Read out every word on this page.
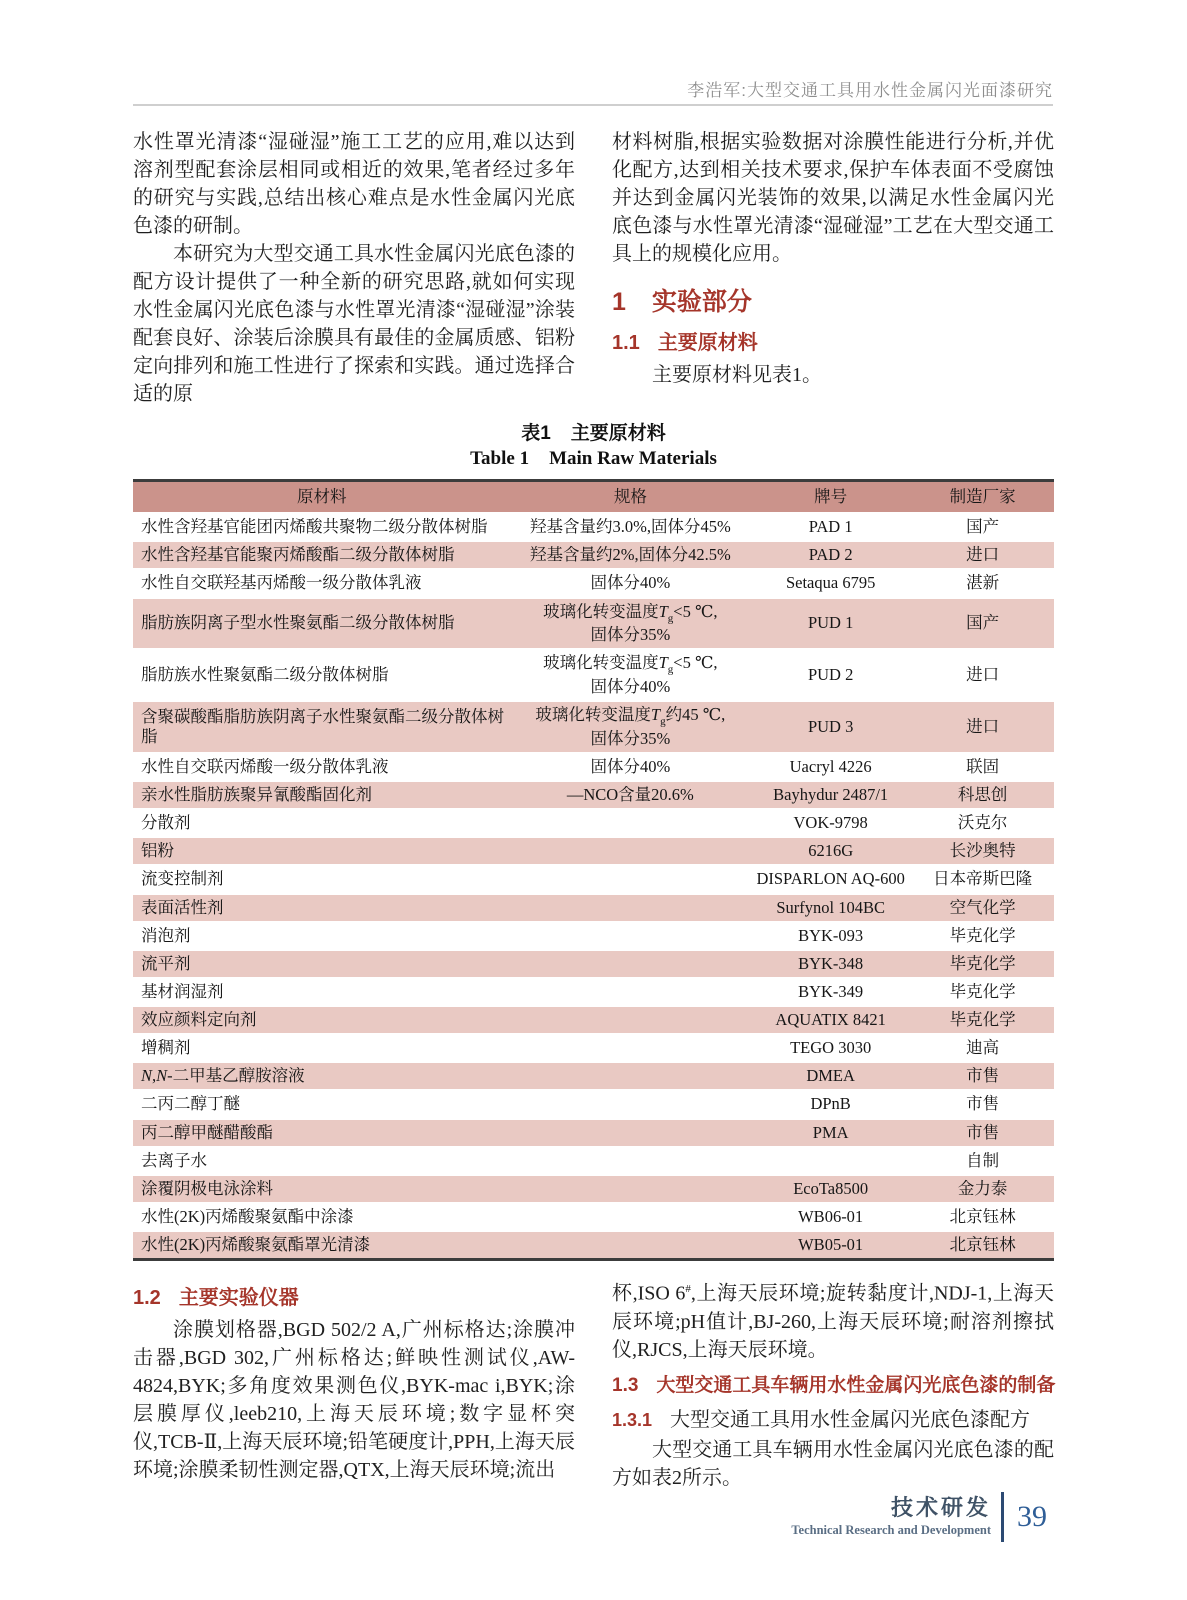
李浩军:大型交通工具用水性金属闪光面漆研究

水性罩光清漆“湿碰湿”施工工艺的应用,难以达到溶剂型配套涂层相同或相近的效果,笔者经过多年的研究与实践,总结出核心难点是水性金属闪光底色漆的研制。

本研究为大型交通工具水性金属闪光底色漆的配方设计提供了一种全新的研究思路,就如何实现水性金属闪光底色漆与水性罩光清漆“湿碰湿”涂装配套良好、涂装后涂膜具有最佳的金属质感、铝粉定向排列和施工性进行了探索和实践。通过选择合适的原

材料树脂,根据实验数据对涂膜性能进行分析,并优化配方,达到相关技术要求,保护车体表面不受腐蚀并达到金属闪光装饰的效果,以满足水性金属闪光底色漆与水性罩光清漆“湿碰湿”工艺在大型交通工具上的规模化应用。

1 实验部分
1.1 主要原材料

主要原材料见表1。

表1 主要原材料
Table 1 Main Raw Materials
原材料	规格	牌号	制造厂家
水性含羟基官能团丙烯酸共聚物二级分散体树脂	羟基含量约3.0%,固体分45%	PAD 1	国产
水性含羟基官能聚丙烯酸酯二级分散体树脂	羟基含量约2%,固体分42.5%	PAD 2	进口
水性自交联羟基丙烯酸一级分散体乳液	固体分40%	Setaqua 6795	湛新
脂肪族阴离子型水性聚氨酯二级分散体树脂	玻璃化转变温度$T_g<5$ ℃,
固体分35%	PUD 1	国产
脂肪族水性聚氨酯二级分散体树脂	玻璃化转变温度$T_g<5$ ℃,
固体分40%	PUD 2	进口
含聚碳酸酯脂肪族阴离子水性聚氨酯二级分散体树脂	玻璃化转变温度$T_g$约45 ℃,
固体分35%	PUD 3	进口
水性自交联丙烯酸一级分散体乳液	固体分40%	Uacryl 4226	联固
亲水性脂肪族聚异氰酸酯固化剂	—NCO含量20.6%	Bayhydur 2487/1	科思创
分散剂		VOK-9798	沃克尔
铝粉		6216G	长沙奥特
流变控制剂		DISPARLON AQ-600	日本帝斯巴隆
表面活性剂		Surfynol 104BC	空气化学
消泡剂		BYK-093	毕克化学
流平剂		BYK-348	毕克化学
基材润湿剂		BYK-349	毕克化学
效应颜料定向剂		AQUATIX 8421	毕克化学
增稠剂		TEGO 3030	迪高
N,N-二甲基乙醇胺溶液		DMEA	市售
二丙二醇丁醚		DPnB	市售
丙二醇甲醚醋酸酯		PMA	市售
去离子水			自制
涂覆阴极电泳涂料		EcoTa8500	金力泰
水性(2K)丙烯酸聚氨酯中涂漆		WB06-01	北京钰林
水性(2K)丙烯酸聚氨酯罩光清漆		WB05-01	北京钰林
1.2 主要实验仪器

涂膜划格器,BGD 502/2 A,广州标格达;涂膜冲击器,BGD 302,广州标格达;鲜映性测试仪,AW-4824,BYK;多角度效果测色仪,BYK-mac i,BYK;涂层膜厚仪,leeb210,上海天辰环境;数字显杯突仪,TCB-Ⅱ,上海天辰环境;铅笔硬度计,PPH,上海天辰环境;涂膜柔韧性测定器,QTX,上海天辰环境;流出

杯,ISO 6#,上海天辰环境;旋转黏度计,NDJ-1,上海天辰环境;pH值计,BJ-260,上海天辰环境;耐溶剂擦拭仪,RJCS,上海天辰环境。

1.3 大型交通工具车辆用水性金属闪光底色漆的制备
1.3.1 大型交通工具用水性金属闪光底色漆配方

大型交通工具车辆用水性金属闪光底色漆的配方如表2所示。

技术研发
Technical Research and Development 39
